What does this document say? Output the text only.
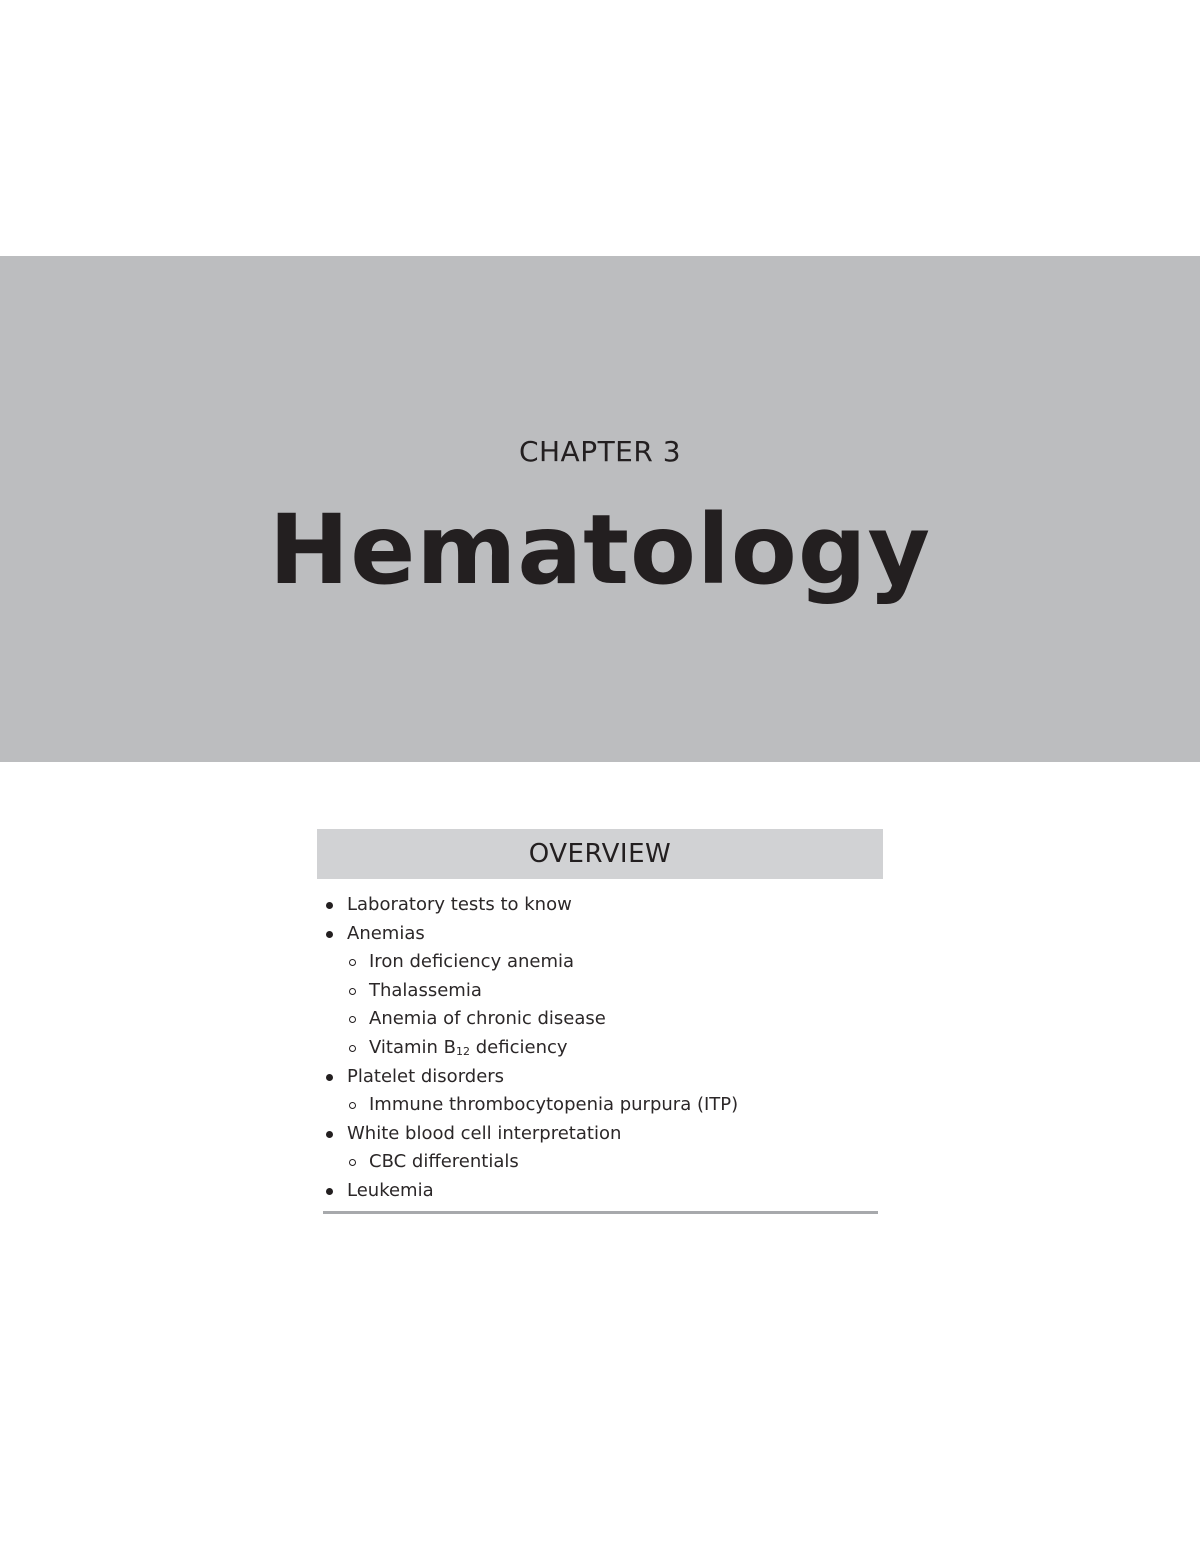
CHAPTER 3
Hematology
OVERVIEW
Laboratory tests to know
Anemias
Iron deficiency anemia
Thalassemia
Anemia of chronic disease
Vitamin B12 deficiency
Platelet disorders
Immune thrombocytopenia purpura (ITP)
White blood cell interpretation
CBC differentials
Leukemia
